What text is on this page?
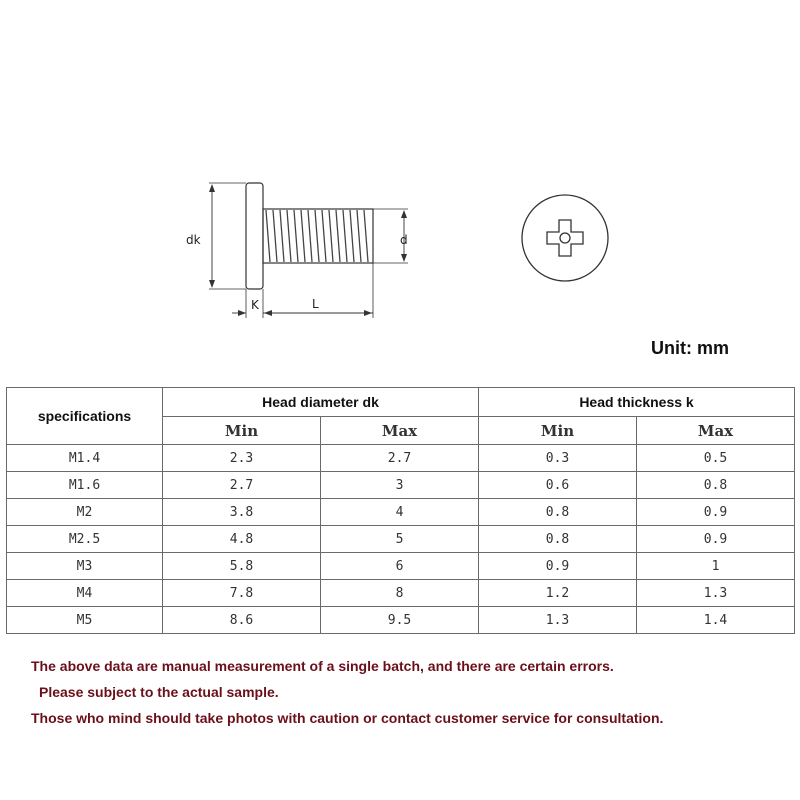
dk	d
K	L
Unit: mm
specifications	Head diameter dk		Head thickness k	
	Min	Max	Min	Max
M1.4	2.3	2.7	0.3	0.5
M1.6	2.7	3	0.6	0.8
M2	3.8	4	0.8	0.9
M2.5	4.8	5	0.8	0.9
M3	5.8	6	0.9	1
M4	7.8	8	1.2	1.3
M5	8.6	9.5	1.3	1.4
The above data are manual measurement of a single batch, and there are certain errors.
Please subject to the actual sample.
Those who mind should take photos with caution or contact customer service for consultation.
